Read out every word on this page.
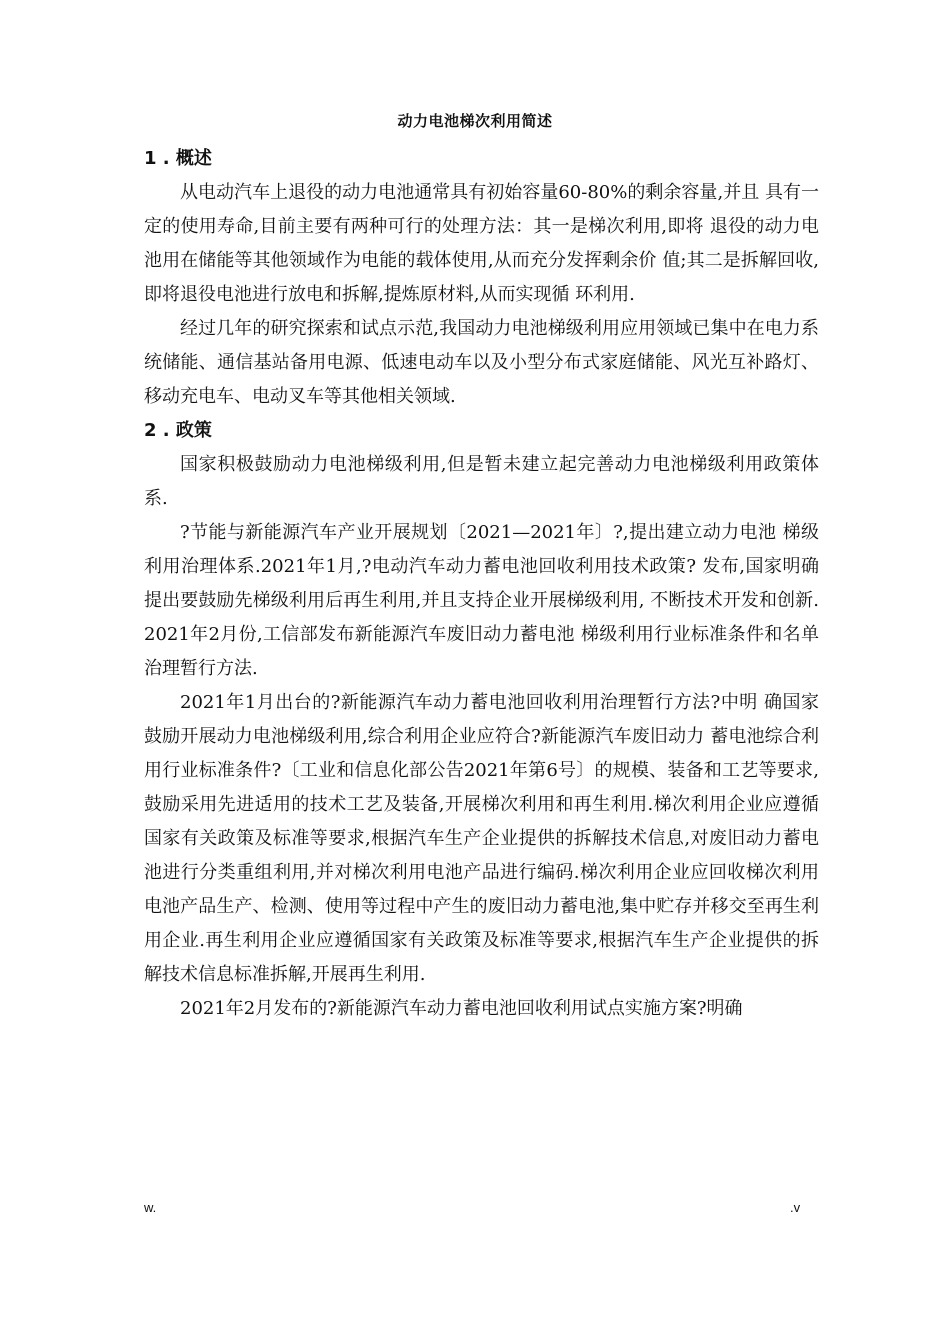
动力电池梯次利用简述

1 . 概述

从电动汽车上退役的动力电池通常具有初始容量60-80%的剩余容量,并且 具有一定的使用寿命,目前主要有两种可行的处理方法：其一是梯次利用,即将 退役的动力电池用在储能等其他领域作为电能的载体使用,从而充分发挥剩余价 值;其二是拆解回收,即将退役电池进行放电和拆解,提炼原材料,从而实现循 环利用.

经过几年的研究探索和试点示范,我国动力电池梯级利用应用领域已集中在电力系统储能、通信基站备用电源、低速电动车以及小型分布式家庭储能、风光互补路灯、移动充电车、电动叉车等其他相关领域.

2 . 政策

国家积极鼓励动力电池梯级利用,但是暂未建立起完善动力电池梯级利用政策体系.

?节能与新能源汽车产业开展规划〔2021—2021年〕?,提出建立动力电池 梯级利用治理体系.2021年1月,?电动汽车动力蓄电池回收利用技术政策? 发布,国家明确提出要鼓励先梯级利用后再生利用,并且支持企业开展梯级利用, 不断技术开发和创新.2021年2月份,工信部发布新能源汽车废旧动力蓄电池 梯级利用行业标准条件和名单治理暂行方法.

2021年1月出台的?新能源汽车动力蓄电池回收利用治理暂行方法?中明 确国家鼓励开展动力电池梯级利用,综合利用企业应符合?新能源汽车废旧动力 蓄电池综合利用行业标准条件?〔工业和信息化部公告2021年第6号〕的规模、装备和工艺等要求,鼓励采用先进适用的技术工艺及装备,开展梯次利用和再生利用.梯次利用企业应遵循国家有关政策及标准等要求,根据汽车生产企业提供的拆解技术信息,对废旧动力蓄电池进行分类重组利用,并对梯次利用电池产品进行编码.梯次利用企业应回收梯次利用电池产品生产、检测、使用等过程中产生的废旧动力蓄电池,集中贮存并移交至再生利用企业.再生利用企业应遵循国家有关政策及标准等要求,根据汽车生产企业提供的拆解技术信息标准拆解,开展再生利用.

2021年2月发布的?新能源汽车动力蓄电池回收利用试点实施方案?明确

w.	.v
